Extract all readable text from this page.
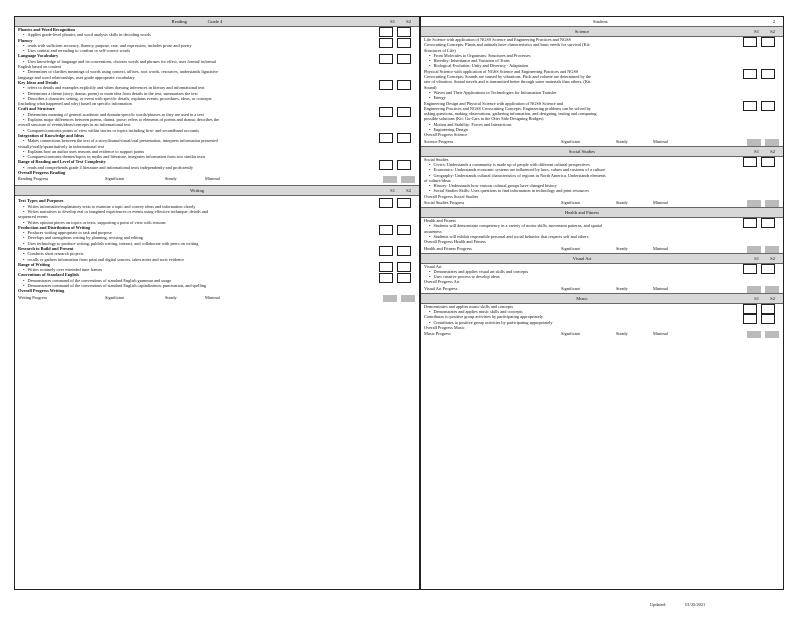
Reading	Grade 4	S1 S2
Phonics and Word Recognition
• Applies grade-level phonics and word analysis skills in decoding words
Fluency
• reads with sufficient accuracy, fluency, purpose, rate, and expression, includes prose and poetry
• Uses context and rereading to confirm or self-correct words
Language Vocabulary
• Uses knowledge of language and its conventions, chooses words and phrases for effect, uses formal/ informal
English based on context
• Determines or clarifies meanings of words using context, affixes, root words, resources, understands figurative
language and word relationships, uses grade appropriate vocabulary
Key Ideas and Details
• refers to details and examples explicitly and when drawing inferences in literary and informational text
• Determines a theme (story, drama, poem) or main idea from details in the text, summarizes the text
• Describes a character, setting, or event with specific details, explains events, procedures, ideas, or concepts
(including what happened and why) based on specific information
Craft and Structure
• Determines meaning of general academic and domain-specific words/phrases as they are used in a text
• Explains major differences between poems, drama, prose; refers to elements of poems and drama, describes the
overall structure of events/ideas/concepts in an informational text
• Compares/contrasts points of view within stories or topics including first- and secondhand accounts
Integration of Knowledge and Ideas
• Makes connections between the text of a story/drama/visual/oral presentation, interprets information presented
visually/orally/quantitatively in informational text
• Explains how an author uses reasons and evidence to support points
• Compares/contrasts themes/topics in myths and literature, integrates information from two similar texts
Range of Reading and Level of Text Complexity
• reads and comprehends grade 4 literature and informational texts independently and proficiently
Overall Progress Reading
Reading Progress	Significant	Steady	Minimal
Writing	S1 S2
Text Types and Purposes
• Writes informative/explanatory texts to examine a topic and convey ideas and information clearly
• Writes narratives to develop real or imagined experiences or events using effective technique, details and
sequenced events
• Writes opinion pieces on topics or texts, supporting a point of view with reasons
Production and Distribution of Writing
• Produces writing appropriate to task and purpose
• Develops and strengthens writing by planning, revising and editing
• Uses technology to produce writing, publish writing, interact, and collaborate with peers on writing
Research to Build and Present
• Conducts short research projects
• recalls or gathers information from print and digital sources, takes notes and sorts evidence
Range of Writing
• Writes routinely over extended time frames
Conventions of Standard English
• Demonstrates command of the conventions of standard English grammar and usage
• Demonstrates command of the conventions of standard English capitalization, punctuation, and spelling
Overall Progress Writing
Writing Progress	Significant	Steady	Minimal
Student:	2
Science	S1 S2
Life Science with application of NGSS Science and Engineering Practices and NGSS
Crosscutting Concepts: Plants and animals have characteristics and basic needs for survival (Kit:
Structures of Life)
• From Molecules to Organisms: Structures and Processes
• Heredity: Inheritance and Variation of Traits
• Biological Evolution: Unity and Diversity - Adaptation
Physical Science with application of NGSS Science and Engineering Practices and NGSS
Crosscutting Concepts: Sounds are caused by vibrations. Pitch and volume are determined by the
rate of vibration. Sound travels and is transmitted better through some materials than others. (Kit:
Sound)
• Waves and Their Applications in Technologies for Information Transfer
• Energy
Engineering Design and Physical Science with application of NGSS Science and
Engineering Practices and NGSS Crosscutting Concepts: Engineering problems can be solved by
asking questions, making observations, gathering information, and designing, testing and comparing
possible solutions (Kit: Go-Cars in the Otter Side Designing Bridges)
• Motion and Stability: Forces and Interactions
• Engineering Design
Overall Progress Science
Science Progress	Significant	Steady	Minimal
Social Studies	S1 S2
Social Studies
• Civics: Understands a community is made up of people with different cultural perspectives
• Economics: Understands economic systems are influenced by laws, values and customs of a culture
• Geography: Understands cultural characteristics of regions in North America, Understands elements
of culture/ideas
• History: Understands how various cultural groups have changed history
• Social Studies Skills: Uses questions to find information in technology and print resources
Overall Progress Social Studies
Social Studies Progress	Significant	Steady	Minimal
Health and Fitness
Health and Fitness
• Students will demonstrate competency in a variety of motor skills, movement patterns, and spatial
awareness
• Students will exhibit responsible personal and social behavior that respects self and others
Overall Progress Health and Fitness
Health and Fitness Progress	Significant	Steady	Minimal
Visual Art	S1 S2
Visual Art
• Demonstrates and applies visual art skills and concepts
• Uses creative process to develop ideas
Overall Progress Art
Visual Art Progress	Significant	Steady	Minimal
Music	S1 S2
Demonstrates and applies music skills and concepts
• Demonstrates and applies music skills and concepts
Contributes to positive group activities by participating appropriately
• Contributes to positive group activities by participating appropriately
Overall Progress Music
Music Progress	Significant	Steady	Minimal
Updated:	01/25/2021
